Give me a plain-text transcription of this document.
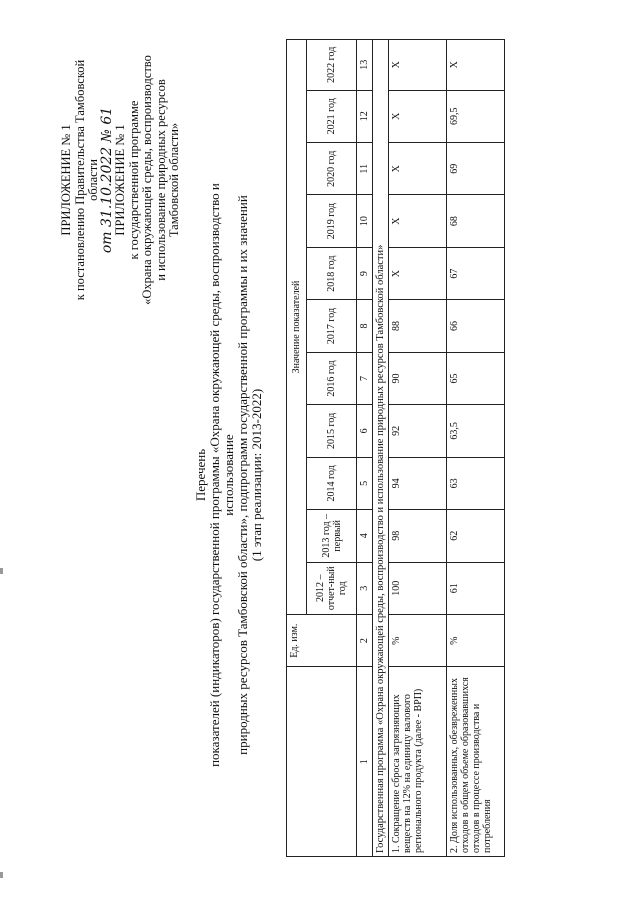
ПРИЛОЖЕНИЕ № 1 к постановлению Правительства Тамбовской области
от 31.10.2022 № 61
ПРИЛОЖЕНИЕ № 1 к государственной программе «Охрана окружающей среды, воспроизводство и использование природных ресурсов Тамбовской области»
Перечень показателей (индикаторов) государственной программы «Охрана окружающей среды, воспроизводство и использование природных ресурсов Тамбовской области», подпрограмм государственной программы и их значений (1 этап реализации: 2013-2022)
	Ед. изм.	Значение показателей										
		2012 – отчет-ный год	2013 год – первый	2014 год	2015 год	2016 год	2017 год	2018 год	2019 год	2020 год	2021 год	2022 год
1	2	3	4	5	6	7	8	9	10	11	12	13
Государственная программа «Охрана окружающей среды, воспроизводство и использование природных ресурсов Тамбовской области»												
1. Сокращение сброса загрязняющих веществ на 12% на единицу валового регионального продукта (далее - ВРП)	%	100	98	94	92	90	88	X	X	X	X	X
2. Доля использованных, обезвреженных отходов в общем объеме образовавшихся отходов в процессе производства и потребления	%	61	62	63	63,5	65	66	67	68	69	69,5	X
